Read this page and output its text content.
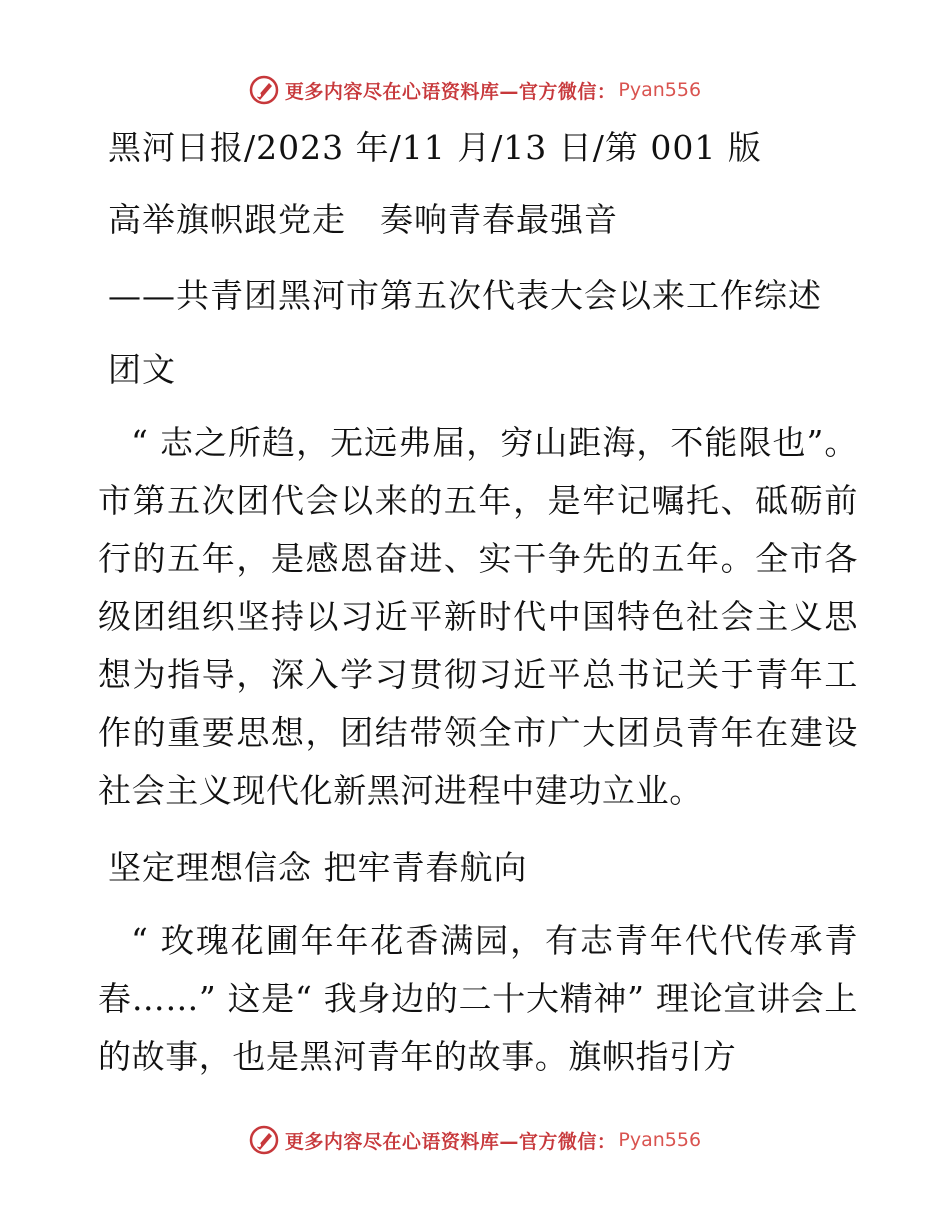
更多内容尽在心语资料库—官方微信： Pyan556
黑河日报/2023 年/11 月/13 日/第 001 版
高举旗帜跟党走　奏响青春最强音
——共青团黑河市第五次代表大会以来工作综述
团文
“ 志之所趋，无远弗届，穷山距海，不能限也”。市第五次团代会以来的五年，是牢记嘱托、砥砺前行的五年，是感恩奋进、实干争先的五年。全市各级团组织坚持以习近平新时代中国特色社会主义思想为指导，深入学习贯彻习近平总书记关于青年工作的重要思想，团结带领全市广大团员青年在建设社会主义现代化新黑河进程中建功立业。
坚定理想信念 把牢青春航向
“ 玫瑰花圃年年花香满园，有志青年代代传承青春……” 这是“ 我身边的二十大精神” 理论宣讲会上的故事，也是黑河青年的故事。旗帜指引方
更多内容尽在心语资料库—官方微信： Pyan556
